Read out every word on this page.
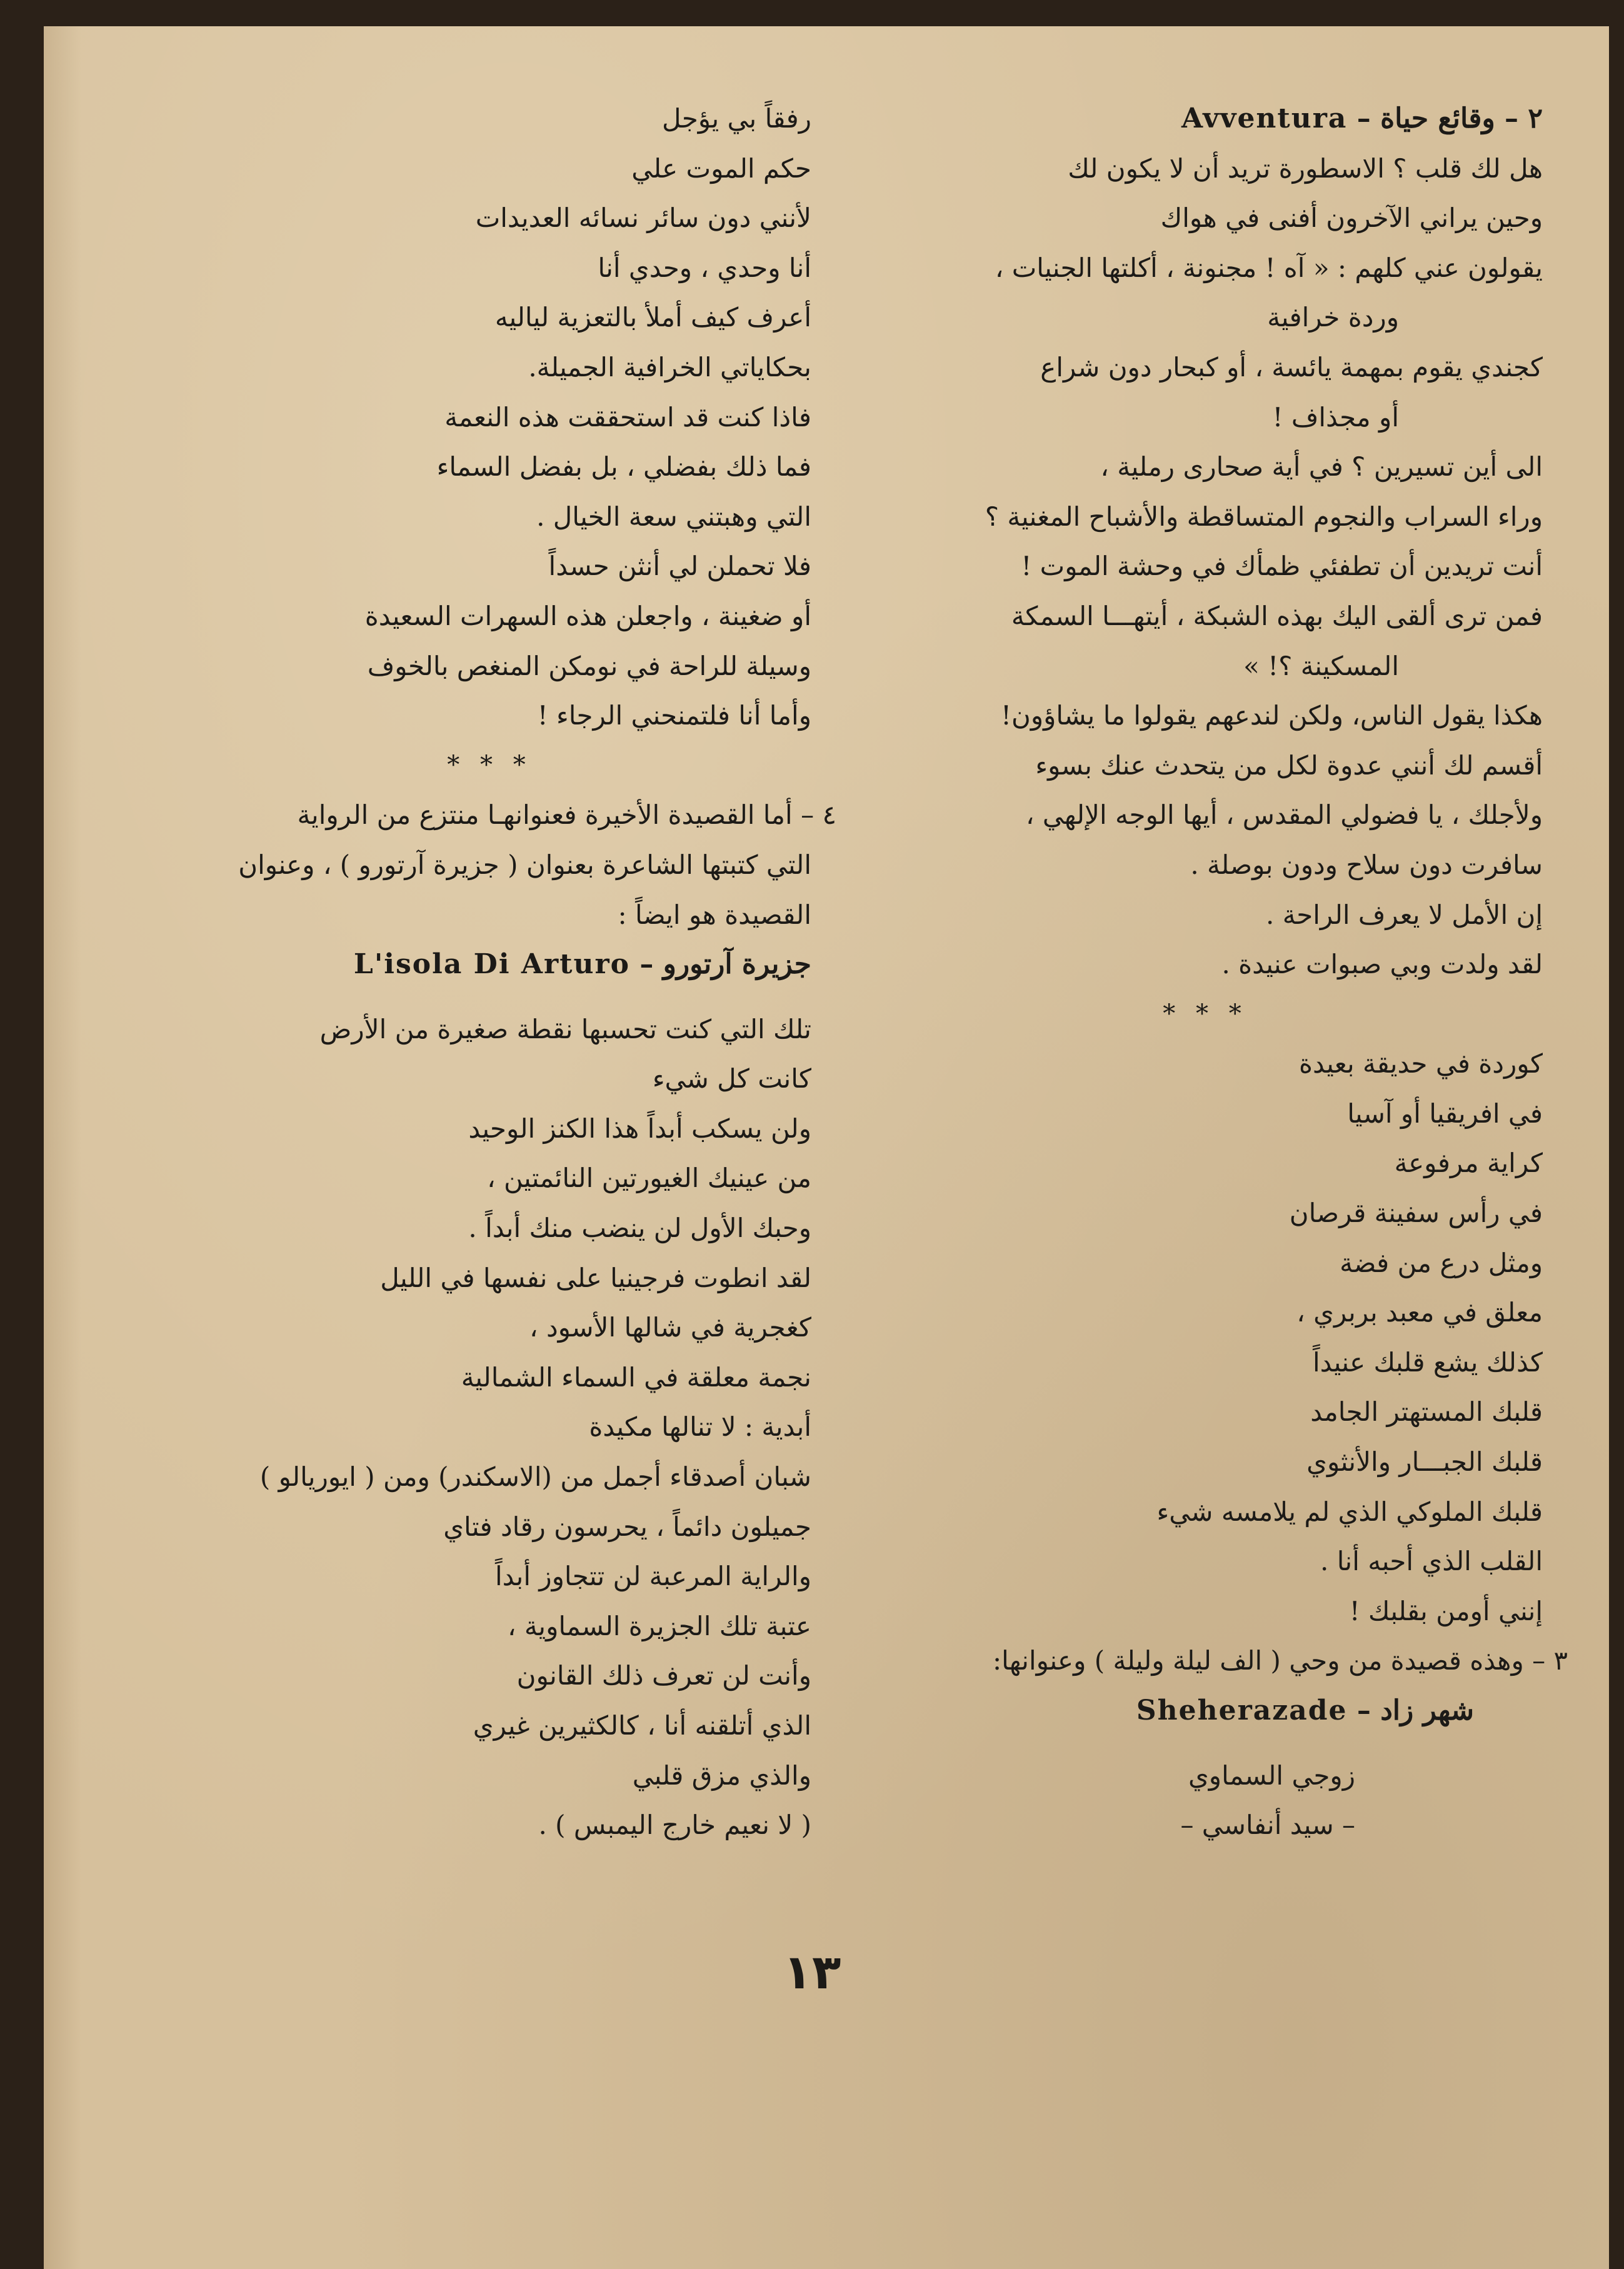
٢ – وقائع حياة – Avventura
هل لك قلب ؟ الاسطورة تريد أن لا يكون لك
وحين يراني الآخرون أفنى في هواك
يقولون عني كلهم : « آه ! مجنونة ، أكلتها الجنيات ،
وردة خرافية
كجندي يقوم بمهمة يائسة ، أو كبحار دون شراع
أو مجذاف !
الى أين تسيرين ؟ في أية صحارى رملية ،
وراء السراب والنجوم المتساقطة والأشباح المغنية ؟
أنت تريدين أن تطفئي ظمأك في وحشة الموت !
فمن ترى ألقى اليك بهذه الشبكة ، أيتهـــا السمكة
المسكينة ؟! »
هكذا يقول الناس، ولكن لندعهم يقولوا ما يشاؤون!
أقسم لك أنني عدوة لكل من يتحدث عنك بسوء
ولأجلك ، يا فضولي المقدس ، أيها الوجه الإلهي ،
سافرت دون سلاح ودون بوصلة .
إن الأمل لا يعرف الراحة .
لقد ولدت وبي صبوات عنيدة .
* * *
كوردة في حديقة بعيدة
في افريقيا أو آسيا
كراية مرفوعة
في رأس سفينة قرصان
ومثل درع من فضة
معلق في معبد بربري ،
كذلك يشع قلبك عنيداً
قلبك المستهتر الجامد
قلبك الجبـــار والأنثوي
قلبك الملوكي الذي لم يلامسه شيء
القلب الذي أحبه أنا .
إنني أومن بقلبك !
٣ – وهذه قصيدة من وحي ( الف ليلة وليلة ) وعنوانها:
شهر زاد – Sheherazade
زوجي السماوي
– سيد أنفاسي –
رفقاً بي يؤجل
حكم الموت علي
لأنني دون سائر نسائه العديدات
أنا وحدي ، وحدي أنا
أعرف كيف أملأ بالتعزية لياليه
بحكاياتي الخرافية الجميلة.
فاذا كنت قد استحققت هذه النعمة
فما ذلك بفضلي ، بل بفضل السماء
التي وهبتني سعة الخيال .
فلا تحملن لي أنثن حسداً
أو ضغينة ، واجعلن هذه السهرات السعيدة
وسيلة للراحة في نومكن المنغص بالخوف
وأما أنا فلتمنحني الرجاء !
* * *
٤ – أما القصيدة الأخيرة فعنوانهـا منتزع من الرواية
التي كتبتها الشاعرة بعنوان ( جزيرة آرتورو ) ، وعنوان
القصيدة هو ايضاً :
جزيرة آرتورو – L'isola Di Arturo
تلك التي كنت تحسبها نقطة صغيرة من الأرض
كانت كل شيء
ولن يسكب أبداً هذا الكنز الوحيد
من عينيك الغيورتين النائمتين ،
وحبك الأول لن ينضب منك أبداً .
لقد انطوت فرجينيا على نفسها في الليل
كغجرية في شالها الأسود ،
نجمة معلقة في السماء الشمالية
أبدية : لا تنالها مكيدة
شبان أصدقاء أجمل من (الاسكندر) ومن ( ايوريالو )
جميلون دائماً ، يحرسون رقاد فتاي
والراية المرعبة لن تتجاوز أبداً
عتبة تلك الجزيرة السماوية ،
وأنت لن تعرف ذلك القانون
الذي أتلقنه أنا ، كالكثيرين غيري
والذي مزق قلبي
( لا نعيم خارج اليمبس ) .
١٣
